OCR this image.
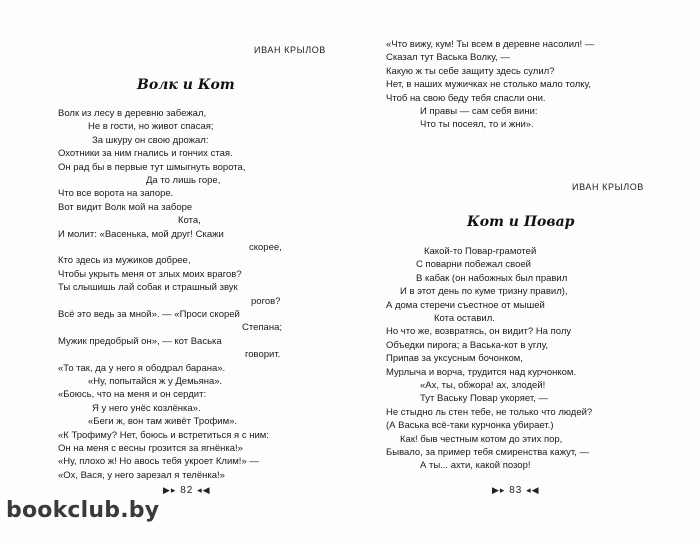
ИВАН КРЫЛОВ
Волк и Кот
Волк из лесу в деревню забежал,
Не в гости, но живот спасая;
За шкуру он свою дрожал:
Охотники за ним гнались и гончих стая.
Он рад бы в первые тут шмыгнуть ворота,
Да то лишь горе,
Что все ворота на запоре.
Вот видит Волк мой на заборе
Кота,
И молит: «Васенька, мой друг! Скажи
скорее,
Кто здесь из мужиков добрее,
Чтобы укрыть меня от злых моих врагов?
Ты слышишь лай собак и страшный звук
рогов?
Всё это ведь за мной». — «Проси скорей
Степана;
Мужик предобрый он», — кот Васька
говорит.
«То так, да у него я ободрал барана».
«Ну, попытайся ж у Демьяна».
«Боюсь, что на меня и он сердит:
Я у него унёс козлёнка».
«Беги ж, вон там живёт Трофим».
«К Трофиму? Нет, боюсь и встретиться я с ним:
Он на меня с весны грозится за ягнёнка!»
«Ну, плохо ж! Но авось тебя укроет Клим!» —
«Ох, Вася, у него зарезал я телёнка!»
▶▸ 82 ◂◀
«Что вижу, кум! Ты всем в деревне насолил! —
Сказал тут Васька Волку, —
Какую ж ты себе защиту здесь сулил?
Нет, в наших мужичках не столько мало толку,
Чтоб на свою беду тебя спасли они.
И правы — сам себя вини:
Что ты посеял, то и жни».
ИВАН КРЫЛОВ
Кот и Повар
Какой-то Повар-грамотей
С поварни побежал своей
В кабак (он набожных был правил
И в этот день по куме тризну правил),
А дома стеречи съестное от мышей
Кота оставил.
Но что же, возвратясь, он видит? На полу
Объедки пирога; а Васька-кот в углу,
Припав за уксусным бочонком,
Мурлыча и ворча, трудится над курчонком.
«Ах, ты, обжора! ах, злодей!
Тут Ваську Повар укоряет, —
Не стыдно ль стен тебе, не только что людей?
(А Васька всё-таки курчонка убирает.)
Как! быв честным котом до этих пор,
Бывало, за пример тебя смиренства кажут, —
А ты... ахти, какой позор!
▶▸ 83 ◂◀
bookclub.by
